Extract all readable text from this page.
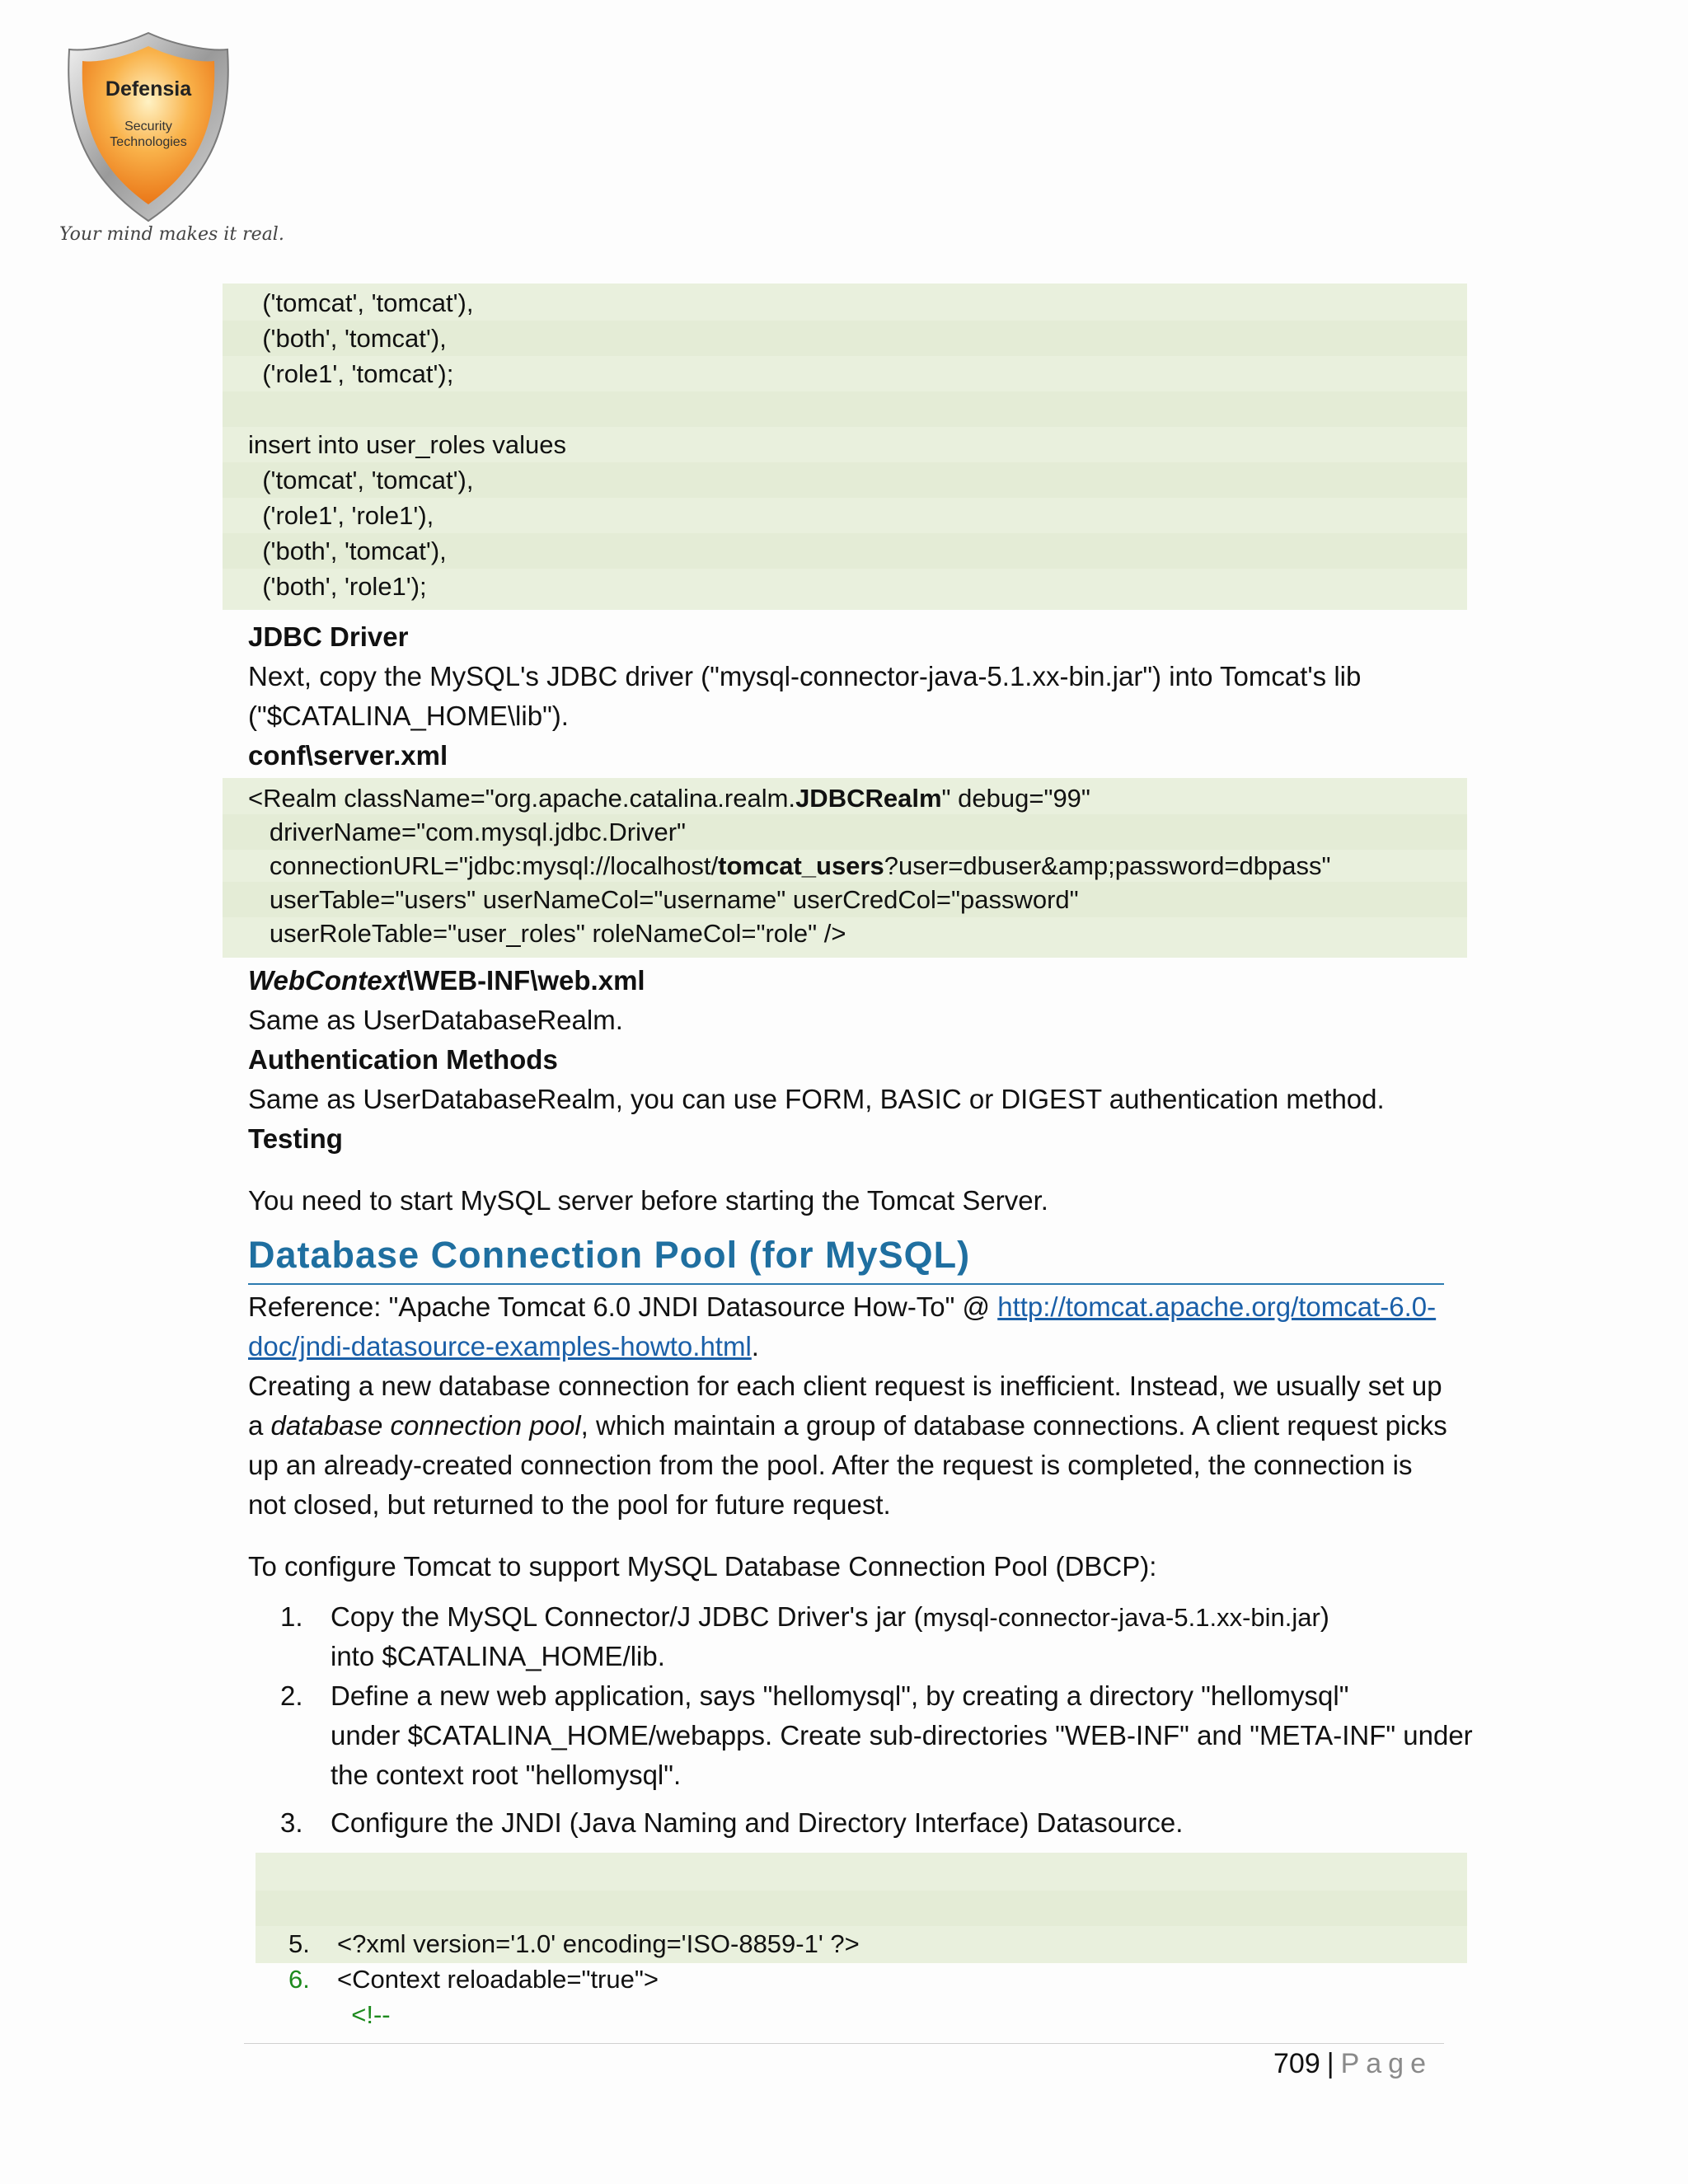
Defensia
Security
Technologies
Your mind makes it real.
('tomcat', 'tomcat'),
('both', 'tomcat'),
('role1', 'tomcat');
insert into user_roles values
('tomcat', 'tomcat'),
('role1', 'role1'),
('both', 'tomcat'),
('both', 'role1');
JDBC Driver
Next, copy the MySQL's JDBC driver ("mysql-connector-java-5.1.xx-bin.jar") into Tomcat's lib
("$CATALINA_HOME\lib").
conf\server.xml
<Realm className="org.apache.catalina.realm.JDBCRealm" debug="99"
driverName="com.mysql.jdbc.Driver"
connectionURL="jdbc:mysql://localhost/tomcat_users?user=dbuser&amp;password=dbpass"
userTable="users" userNameCol="username" userCredCol="password"
userRoleTable="user_roles" roleNameCol="role" />
WebContext\WEB-INF\web.xml
Same as UserDatabaseRealm.
Authentication Methods
Same as UserDatabaseRealm, you can use FORM, BASIC or DIGEST authentication method.
Testing
You need to start MySQL server before starting the Tomcat Server.
Database Connection Pool (for MySQL)
Reference: "Apache Tomcat 6.0 JNDI Datasource How-To" @ http://tomcat.apache.org/tomcat-6.0-
doc/jndi-datasource-examples-howto.html.
Creating a new database connection for each client request is inefficient. Instead, we usually set up
a database connection pool, which maintain a group of database connections. A client request picks
up an already-created connection from the pool. After the request is completed, the connection is
not closed, but returned to the pool for future request.
To configure Tomcat to support MySQL Database Connection Pool (DBCP):
1. Copy the MySQL Connector/J JDBC Driver's jar (mysql-connector-java-5.1.xx-bin.jar)
into $CATALINA_HOME/lib.
2. Define a new web application, says "hellomysql", by creating a directory "hellomysql"
under $CATALINA_HOME/webapps. Create sub-directories "WEB-INF" and "META-INF" under
the context root "hellomysql".
3. Configure the JNDI (Java Naming and Directory Interface) Datasource.

<?xml version='1.0' encoding='ISO-8859-1' ?>

5.

<Context reloadable="true">

6.

<!--

709 | Page
